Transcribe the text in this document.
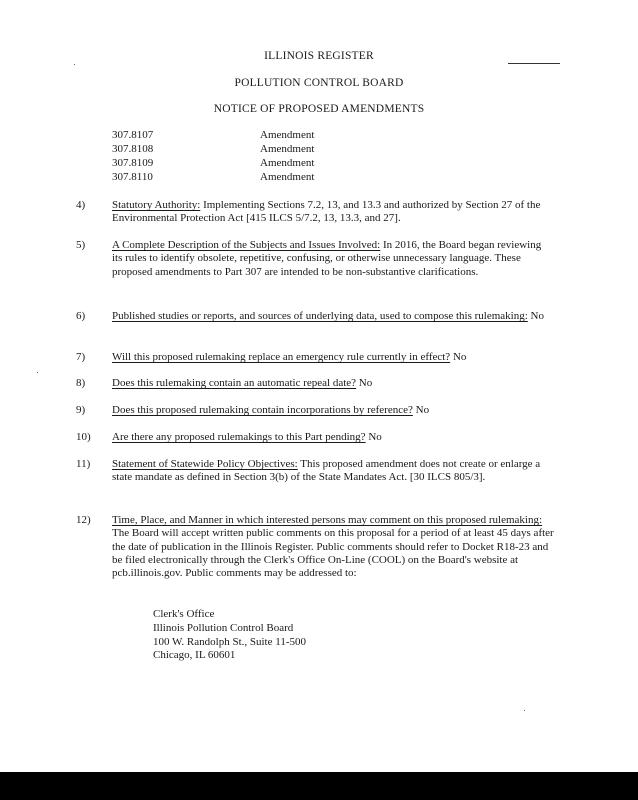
ILLINOIS REGISTER
POLLUTION CONTROL BOARD
NOTICE OF PROPOSED AMENDMENTS
307.8107	Amendment
307.8108	Amendment
307.8109	Amendment
307.8110	Amendment
4) Statutory Authority: Implementing Sections 7.2, 13, and 13.3 and authorized by Section 27 of the Environmental Protection Act [415 ILCS 5/7.2, 13, 13.3, and 27].
5) A Complete Description of the Subjects and Issues Involved: In 2016, the Board began reviewing its rules to identify obsolete, repetitive, confusing, or otherwise unnecessary language. These proposed amendments to Part 307 are intended to be non-substantive clarifications.
6) Published studies or reports, and sources of underlying data, used to compose this rulemaking: No
7) Will this proposed rulemaking replace an emergency rule currently in effect? No
8) Does this rulemaking contain an automatic repeal date? No
9) Does this proposed rulemaking contain incorporations by reference? No
10) Are there any proposed rulemakings to this Part pending? No
11) Statement of Statewide Policy Objectives: This proposed amendment does not create or enlarge a state mandate as defined in Section 3(b) of the State Mandates Act. [30 ILCS 805/3].
12) Time, Place, and Manner in which interested persons may comment on this proposed rulemaking: The Board will accept written public comments on this proposal for a period of at least 45 days after the date of publication in the Illinois Register. Public comments should refer to Docket R18-23 and be filed electronically through the Clerk's Office On-Line (COOL) on the Board's website at pcb.illinois.gov. Public comments may be addressed to:
Clerk's Office
Illinois Pollution Control Board
100 W. Randolph St., Suite 11-500
Chicago, IL 60601
